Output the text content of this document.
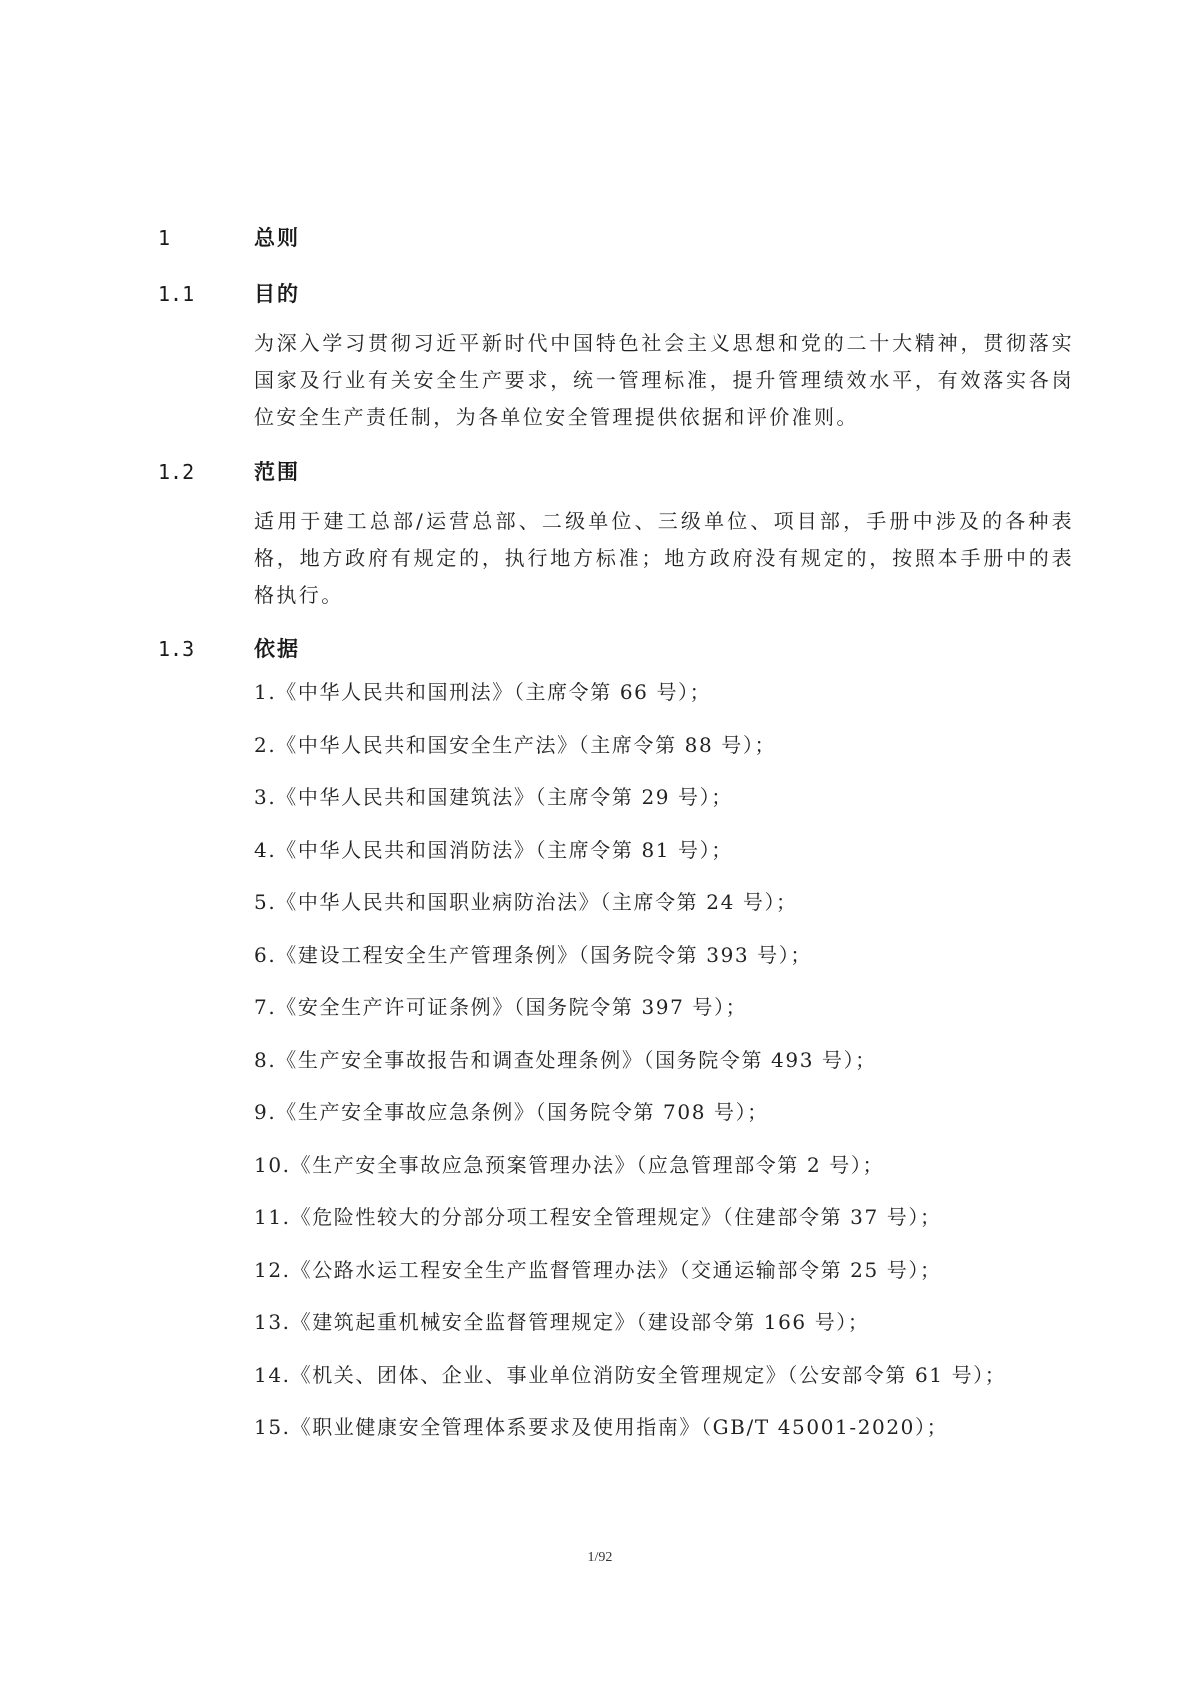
1	总则
1.1	目的
为深入学习贯彻习近平新时代中国特色社会主义思想和党的二十大精神，贯彻落实国家及行业有关安全生产要求，统一管理标准，提升管理绩效水平，有效落实各岗位安全生产责任制，为各单位安全管理提供依据和评价准则。
1.2	范围
适用于建工总部/运营总部、二级单位、三级单位、项目部，手册中涉及的各种表格，地方政府有规定的，执行地方标准；地方政府没有规定的，按照本手册中的表格执行。
1.3	依据
1.《中华人民共和国刑法》（主席令第 66 号）；
2.《中华人民共和国安全生产法》（主席令第 88 号）；
3.《中华人民共和国建筑法》（主席令第 29 号）；
4.《中华人民共和国消防法》（主席令第 81 号）；
5.《中华人民共和国职业病防治法》（主席令第 24 号）；
6.《建设工程安全生产管理条例》（国务院令第 393 号）；
7.《安全生产许可证条例》（国务院令第 397 号）；
8.《生产安全事故报告和调查处理条例》（国务院令第 493 号）；
9.《生产安全事故应急条例》（国务院令第 708 号）；
10.《生产安全事故应急预案管理办法》（应急管理部令第 2 号）；
11.《危险性较大的分部分项工程安全管理规定》（住建部令第 37 号）；
12.《公路水运工程安全生产监督管理办法》（交通运输部令第 25 号）；
13.《建筑起重机械安全监督管理规定》（建设部令第 166 号）；
14.《机关、团体、企业、事业单位消防安全管理规定》（公安部令第 61 号）；
15.《职业健康安全管理体系要求及使用指南》（GB/T 45001-2020）；
1/92
